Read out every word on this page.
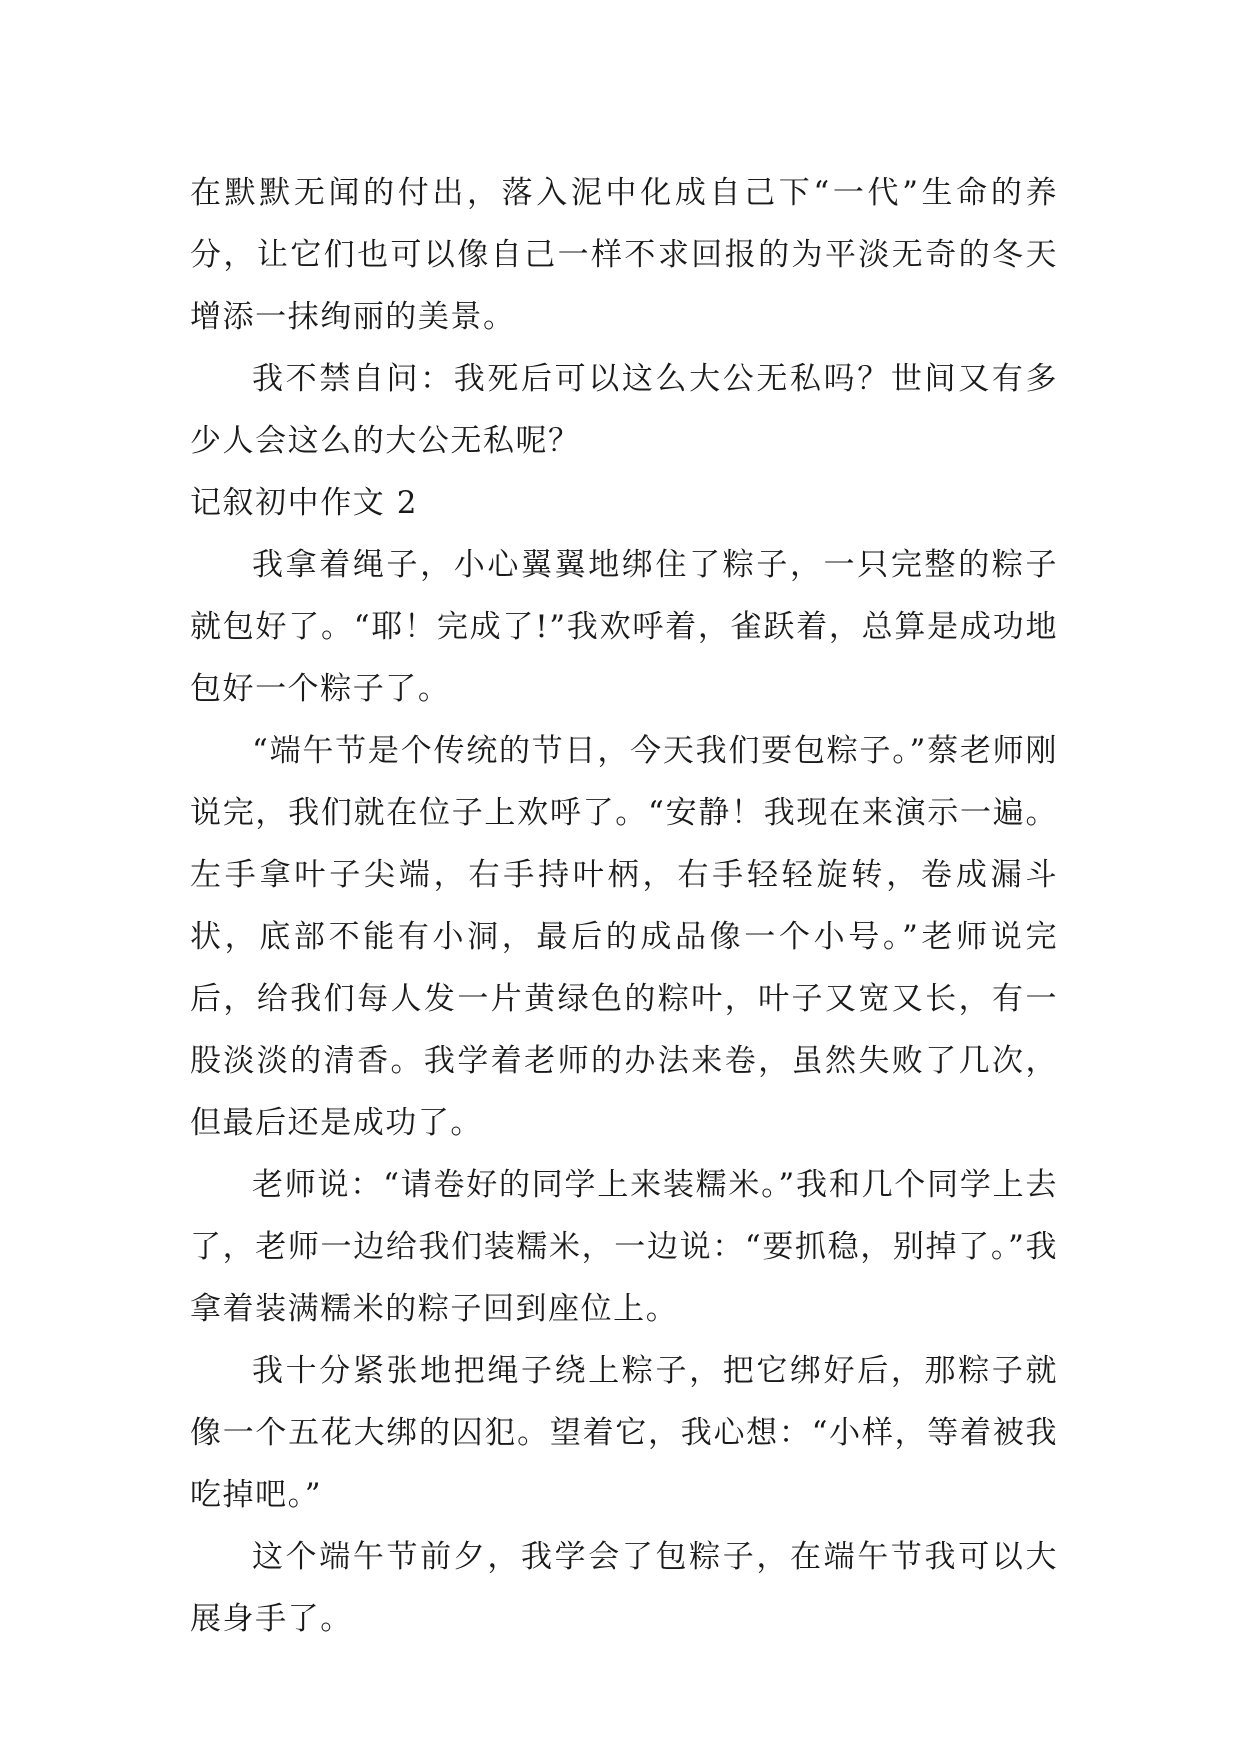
在默默无闻的付出，落入泥中化成自己下“一代”生命的养分，让它们也可以像自己一样不求回报的为平淡无奇的冬天增添一抹绚丽的美景。

我不禁自问：我死后可以这么大公无私吗？世间又有多少人会这么的大公无私呢？

记叙初中作文 2

我拿着绳子，小心翼翼地绑住了粽子，一只完整的粽子就包好了。“耶！完成了!”我欢呼着，雀跃着，总算是成功地包好一个粽子了。

“端午节是个传统的节日，今天我们要包粽子。”蔡老师刚说完，我们就在位子上欢呼了。“安静！我现在来演示一遍。左手拿叶子尖端，右手持叶柄，右手轻轻旋转，卷成漏斗状，底部不能有小洞，最后的成品像一个小号。”老师说完后，给我们每人发一片黄绿色的粽叶，叶子又宽又长，有一股淡淡的清香。我学着老师的办法来卷，虽然失败了几次，但最后还是成功了。

老师说：“请卷好的同学上来装糯米。”我和几个同学上去了，老师一边给我们装糯米，一边说：“要抓稳，别掉了。”我拿着装满糯米的粽子回到座位上。

我十分紧张地把绳子绕上粽子，把它绑好后，那粽子就像一个五花大绑的囚犯。望着它，我心想：“小样，等着被我吃掉吧。”

这个端午节前夕，我学会了包粽子，在端午节我可以大展身手了。
